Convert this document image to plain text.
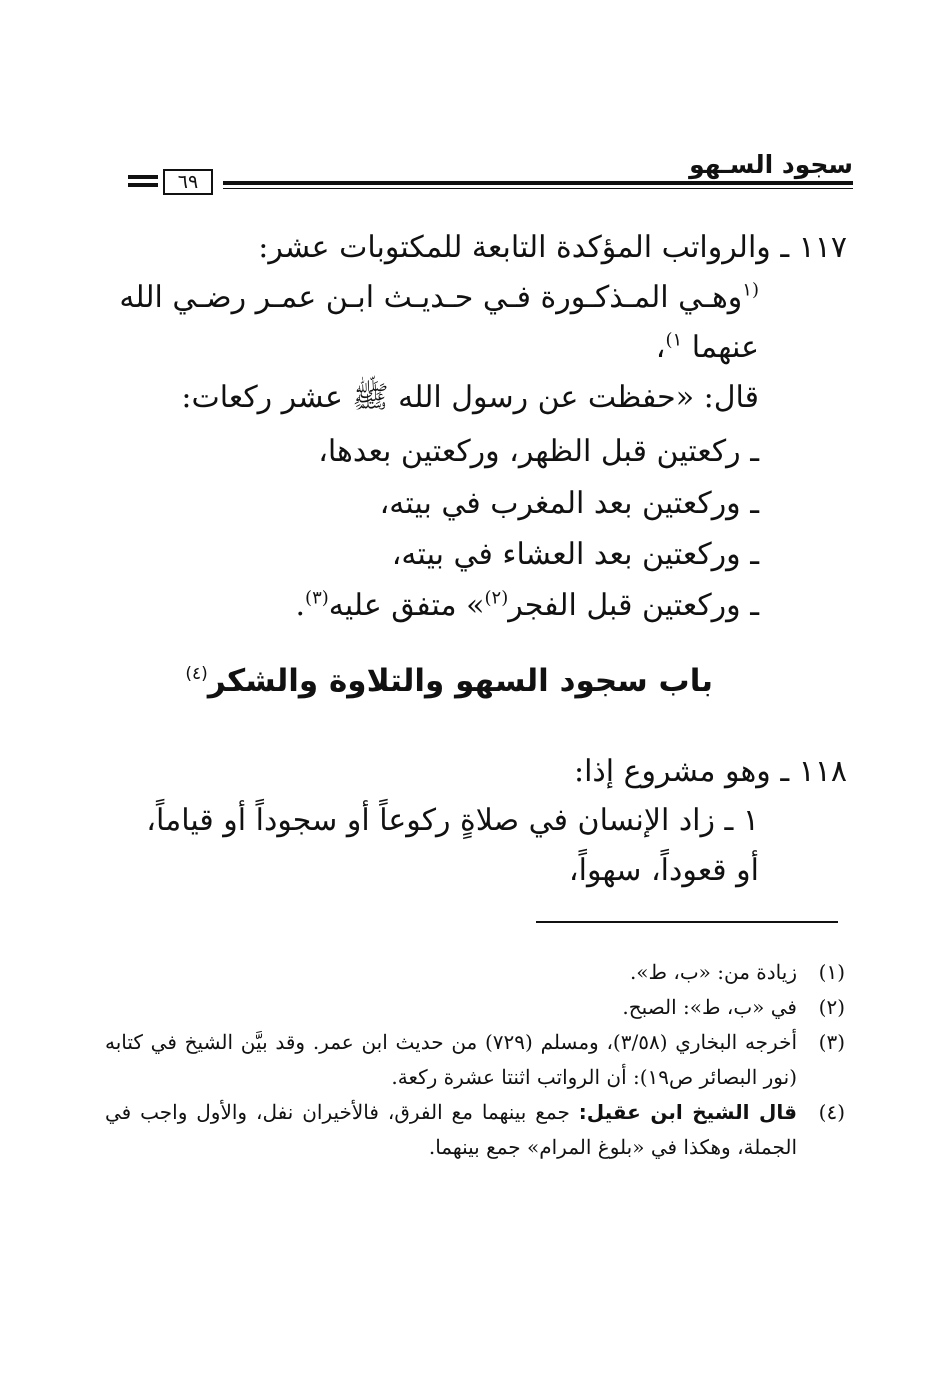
سجود السـهو
٦٩
١١٧ ـ والرواتب المؤكدة التابعة للمكتوبات عشر:
$^{(١}$وهـي المـذكـورة فـي حـديـث ابـن عمـر رضـي الله
عنهما $^{١)}$،
قال: «حفظت عن رسول الله ﷺ عشر ركعات:
ـ ركعتين قبل الظهر، وركعتين بعدها،
ـ وركعتين بعد المغرب في بيته،
ـ وركعتين بعد العشاء في بيته،
ـ وركعتين قبل الفجر$^{(٢)}$» متفق عليه$^{(٣)}$.
باب سجود السهو والتلاوة والشكر$^{(٤)}$
١١٨ ـ وهو مشروع إذا:
١ ـ زاد الإنسان في صلاةٍ ركوعاً أو سجوداً أو قياماً،
أو قعوداً، سهواً،
(١)
زيادة من: «ب، ط».
(٢)
في «ب، ط»: الصبح.
(٣)
أخرجه البخاري (٣/٥٨)، ومسلم (٧٢٩) من حديث ابن عمر. وقد بيَّن الشيخ في كتابه (نور البصائر ص١٩): أن الرواتب اثنتا عشرة ركعة.
(٤)
قال الشيخ ابن عقيل: جمع بينهما مع الفرق، فالأخيران نفل، والأول واجب في الجملة، وهكذا في «بلوغ المرام» جمع بينهما.
